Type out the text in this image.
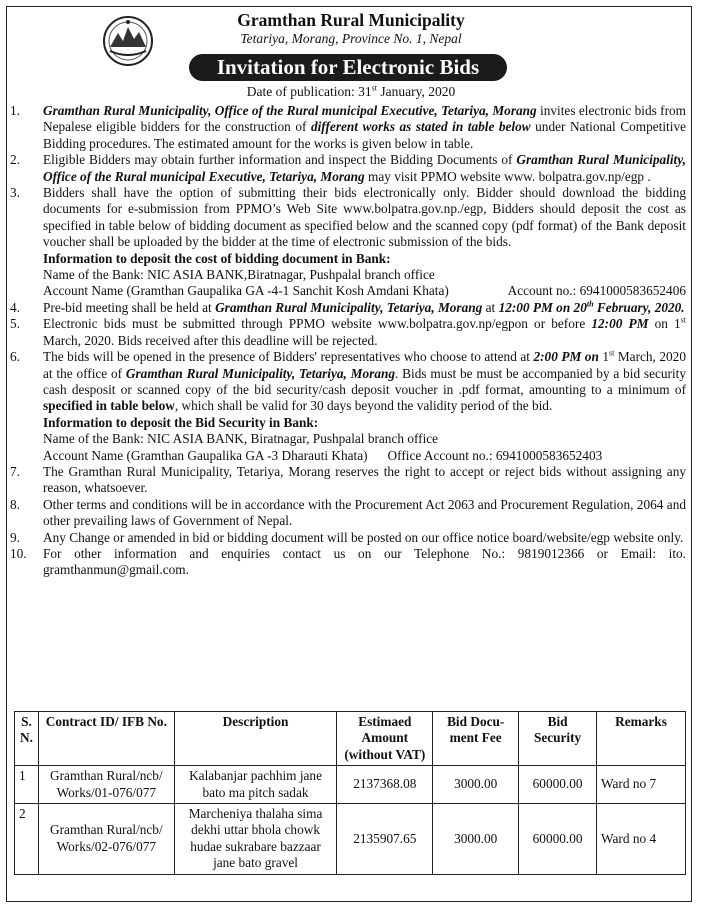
Gramthan Rural Municipality
Tetariya, Morang, Province No. 1, Nepal
Invitation for Electronic Bids
Date of publication: 31st January, 2020
1.	Gramthan Rural Municipality, Office of the Rural municipal Executive, Tetariya, Morang invites electronic bids from Nepalese eligible bidders for the construction of different works as stated in table below under National Competitive Bidding procedures. The estimated amount for the works is given below in table.
2.	Eligible Bidders may obtain further information and inspect the Bidding Documents of Gramthan Rural Municipality, Office of the Rural municipal Executive, Tetariya, Morang may visit PPMO website www. bolpatra.gov.np/egp .
3.	Bidders shall have the option of submitting their bids electronically only. Bidder should download the bidding documents for e-submission from PPMO’s Web Site www.bolpatra.gov.np./egp, Bidders should deposit the cost as specified in table below of bidding document as specified below and the scanned copy (pdf format) of the Bank deposit voucher shall be uploaded by the bidder at the time of electronic submission of the bids.
Information to deposit the cost of bidding document in Bank:
Name of the Bank: NIC ASIA BANK,Biratnagar, Pushpalal branch office
Account Name (Gramthan Gaupalika GA -4-1 Sanchit Kosh Amdani Khata)	Account no.: 6941000583652406
4.	Pre-bid meeting shall be held at Gramthan Rural Municipality, Tetariya, Morang at 12:00 PM on 20th February, 2020.
5.	Electronic bids must be submitted through PPMO website www.bolpatra.gov.np/egpon or before 12:00 PM on 1st March, 2020. Bids received after this deadline will be rejected.
6.	The bids will be opened in the presence of Bidders' representatives who choose to attend at 2:00 PM on 1st March, 2020 at the office of Gramthan Rural Municipality, Tetariya, Morang. Bids must be must be accompanied by a bid security cash desposit or scanned copy of the bid security/cash deposit voucher in .pdf format, amounting to a minimum of specified in table below, which shall be valid for 30 days beyond the validity period of the bid.
Information to deposit the Bid Security in Bank:
Name of the Bank: NIC ASIA BANK, Biratnagar, Pushpalal branch office
Account Name (Gramthan Gaupalika GA -3 Dharauti Khata) Office Account no.: 6941000583652403
7.	The Gramthan Rural Municipality, Tetariya, Morang reserves the right to accept or reject bids without assigning any reason, whatsoever.
8.	Other terms and conditions will be in accordance with the Procurement Act 2063 and Procurement Regulation, 2064 and other prevailing laws of Government of Nepal.
9.	Any Change or amended in bid or bidding document will be posted on our office notice board/website/egp website only.
10.	For other information and enquiries contact us on our Telephone No.: 9819012366 or Email: ito. gramthanmun@gmail.com.
S. N.	Contract ID/ IFB No.	Description	Estimaed Amount (without VAT)	Bid Docu- ment Fee	Bid Security	Remarks
1	Gramthan Rural/ncb/ Works/01-076/077	Kalabanjar pachhim jane bato ma pitch sadak	2137368.08	3000.00	60000.00	Ward no 7
2	Gramthan Rural/ncb/ Works/02-076/077	Marcheniya thalaha sima dekhi uttar bhola chowk hudae sukrabare bazzaar jane bato gravel	2135907.65	3000.00	60000.00	Ward no 4
